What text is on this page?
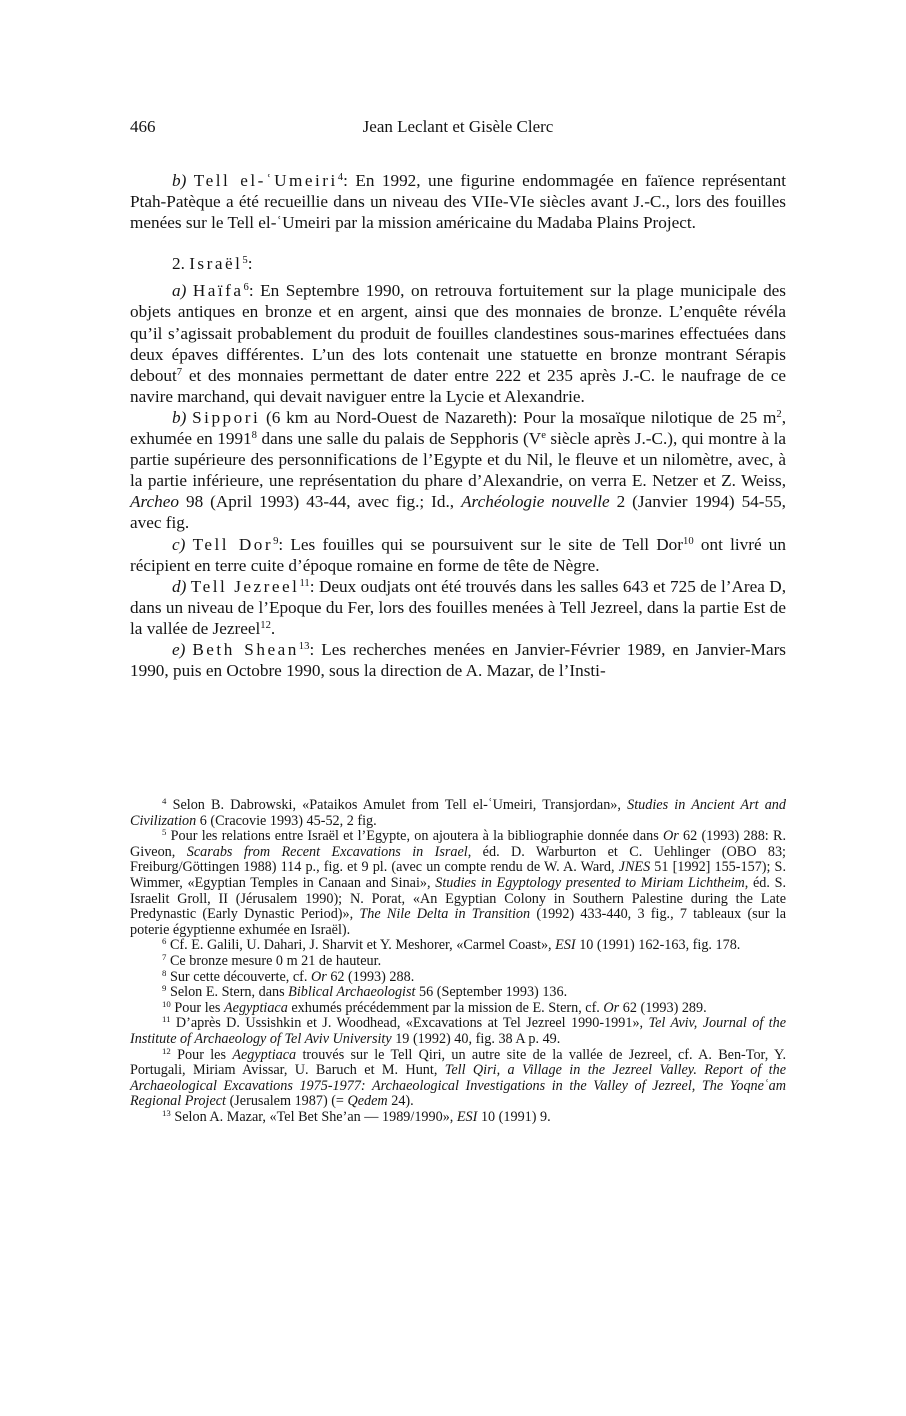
466	Jean Leclant et Gisèle Clerc

b) Tell el-ʿUmeiri$^4$: En 1992, une figurine endommagée en faïence représentant Ptah-Patèque a été recueillie dans un niveau des VIIe-VIe siècles avant J.-C., lors des fouilles menées sur le Tell el-ʿUmeiri par la mission américaine du Madaba Plains Project.

2. Israël$^5$:

a) Haïfa$^6$: En Septembre 1990, on retrouva fortuitement sur la plage municipale des objets antiques en bronze et en argent, ainsi que des monnaies de bronze. L’enquête révéla qu’il s’agissait probablement du produit de fouilles clandestines sous-marines effectuées dans deux épaves différentes. L’un des lots contenait une statuette en bronze montrant Sérapis debout$^7$ et des monnaies permettant de dater entre 222 et 235 après J.-C. le naufrage de ce navire marchand, qui devait naviguer entre la Lycie et Alexandrie.

b) Sippori (6 km au Nord-Ouest de Nazareth): Pour la mosaïque nilotique de 25 $m^2$, exhumée en 1991$^8$ dans une salle du palais de Sepphoris (Ve siècle après J.-C.), qui montre à la partie supérieure des personnifications de l’Egypte et du Nil, le fleuve et un nilomètre, avec, à la partie inférieure, une représentation du phare d’Alexandrie, on verra E. Netzer et Z. Weiss, Archeo 98 (April 1993) 43-44, avec fig.; Id., Archéologie nouvelle 2 (Janvier 1994) 54-55, avec fig.

c) Tell Dor$^9$: Les fouilles qui se poursuivent sur le site de Tell Dor$^{10}$ ont livré un récipient en terre cuite d’époque romaine en forme de tête de Nègre.

d) Tell Jezreel$^{11}$: Deux oudjats ont été trouvés dans les salles 643 et 725 de l’Area D, dans un niveau de l’Epoque du Fer, lors des fouilles menées à Tell Jezreel, dans la partie Est de la vallée de Jezreel$^{12}$.

e) Beth Shean$^{13}$: Les recherches menées en Janvier-Février 1989, en Janvier-Mars 1990, puis en Octobre 1990, sous la direction de A. Mazar, de l’Insti-

$^4$ Selon B. Dabrowski, «Pataikos Amulet from Tell el-ʿUmeiri, Transjordan», Studies in Ancient Art and Civilization 6 (Cracovie 1993) 45-52, 2 fig.

$^5$ Pour les relations entre Israël et l’Egypte, on ajoutera à la bibliographie donnée dans Or 62 (1993) 288: R. Giveon, Scarabs from Recent Excavations in Israel, éd. D. Warburton et C. Uehlinger (OBO 83; Freiburg/Göttingen 1988) 114 p., fig. et 9 pl. (avec un compte rendu de W. A. Ward, JNES 51 [1992] 155-157); S. Wimmer, «Egyptian Temples in Canaan and Sinai», Studies in Egyptology presented to Miriam Lichtheim, éd. S. Israelit Groll, II (Jérusalem 1990); N. Porat, «An Egyptian Colony in Southern Palestine during the Late Predynastic (Early Dynastic Period)», The Nile Delta in Transition (1992) 433-440, 3 fig., 7 tableaux (sur la poterie égyptienne exhumée en Israël).

$^6$ Cf. E. Galili, U. Dahari, J. Sharvit et Y. Meshorer, «Carmel Coast», ESI 10 (1991) 162-163, fig. 178.

$^7$ Ce bronze mesure 0 m 21 de hauteur.

$^8$ Sur cette découverte, cf. Or 62 (1993) 288.

$^9$ Selon E. Stern, dans Biblical Archaeologist 56 (September 1993) 136.

$^{10}$ Pour les Aegyptiaca exhumés précédemment par la mission de E. Stern, cf. Or 62 (1993) 289.

$^{11}$ D’après D. Ussishkin et J. Woodhead, «Excavations at Tel Jezreel 1990-1991», Tel Aviv, Journal of the Institute of Archaeology of Tel Aviv University 19 (1992) 40, fig. 38 A p. 49.

$^{12}$ Pour les Aegyptiaca trouvés sur le Tell Qiri, un autre site de la vallée de Jezreel, cf. A. Ben-Tor, Y. Portugali, Miriam Avissar, U. Baruch et M. Hunt, Tell Qiri, a Village in the Jezreel Valley. Report of the Archaeological Excavations 1975-1977: Archaeological Investigations in the Valley of Jezreel, The Yoqneʿam Regional Project (Jerusalem 1987) (= Qedem 24).

$^{13}$ Selon A. Mazar, «Tel Bet She’an — 1989/1990», ESI 10 (1991) 9.
